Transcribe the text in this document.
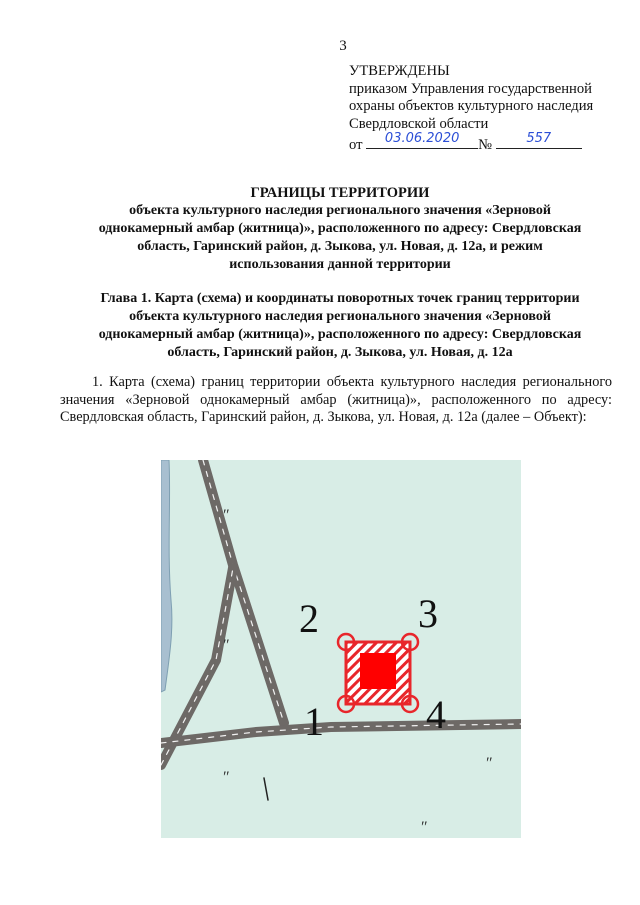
3
УТВЕРЖДЕНЫ
приказом Управления государственной
охраны объектов культурного наследия
Свердловской области
от	03.06.2020	№	557
ГРАНИЦЫ ТЕРРИТОРИИ
объекта культурного наследия регионального значения «Зерновой
однокамерный амбар (житница)», расположенного по адресу: Свердловская
область, Гаринский район, д. Зыкова, ул. Новая, д. 12а, и режим
использования данной территории
Глава 1. Карта (схема) и координаты поворотных точек границ территории
объекта культурного наследия регионального значения «Зерновой
однокамерный амбар (житница)», расположенного по адресу: Свердловская
область, Гаринский район, д. Зыкова, ул. Новая, д. 12а
1. Карта (схема) границ территории объекта культурного наследия регионального значения «Зерновой однокамерный амбар (житница)», расположенного по адресу: Свердловская область, Гаринский район, д. Зыкова, ул. Новая, д. 12а (далее – Объект):
″
″
″
″
″
1
2 3
4
